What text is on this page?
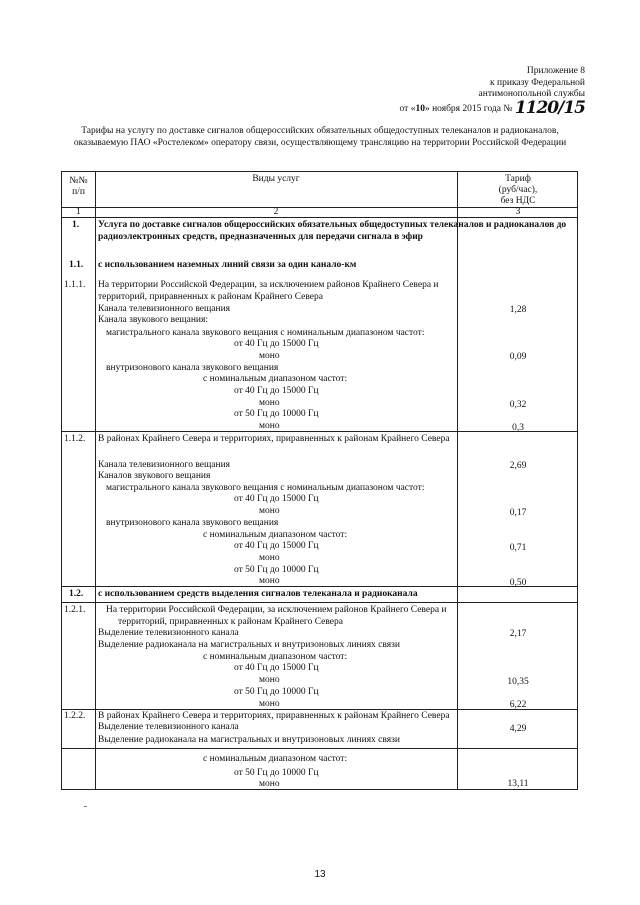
Приложение 8
к приказу Федеральной
антимонопольной службы
от «10» ноября 2015 года № 1120/15
Тарифы на услугу по доставке сигналов общероссийских обязательных общедоступных телеканалов и радиоканалов,
оказываемую ПАО «Ростелеком» оператору связи, осуществляющему трансляцию на территории Российской Федерации
№№
п/п
Виды услуг	Тариф
(руб/час),
без НДС
1	2	3
1. Услуга по доставке сигналов общероссийских обязательных общедоступных телеканалов и радиоканалов до
радиоэлектронных средств, предназначенных для передачи сигнала в эфир
1.1. с использованием наземных линий связи за один канало-км
1.1.1. На территории Российской Федерации, за исключением районов Крайнего Севера и
территорий, приравненных к районам Крайнего Севера
Канала телевизионного вещания	1,28
Канала звукового вещания:
магистрального канала звукового вещания с номинальным диапазоном частот:
от 40 Гц до 15000 Гц
моно	0,09
внутризонового канала звукового вещания
с номинальным диапазоном частот:
от 40 Гц до 15000 Гц
моно	0,32
от 50 Гц до 10000 Гц
моно	0,3
1.1.2. В районах Крайнего Севера и территориях, приравненных к районам Крайнего Севера
Канала телевизионного вещания	2,69
Каналов звукового вещания
магистрального канала звукового вещания с номинальным диапазоном частот:
от 40 Гц до 15000 Гц
моно	0,17
внутризонового канала звукового вещания
с номинальным диапазоном частот:
от 40 Гц до 15000 Гц	0,71
моно
от 50 Гц до 10000 Гц
моно	0,50
1.2. с использованием средств выделения сигналов телеканала и радиоканала
1.2.1. На территории Российской Федерации, за исключением районов Крайнего Севера и
территорий, приравненных к районам Крайнего Севера
Выделение телевизионного канала	2,17
Выделение радиоканала на магистральных и внутризоновых линиях связи
с номинальным диапазоном частот:
от 40 Гц до 15000 Гц
моно	10,35
от 50 Гц до 10000 Гц
моно	6,22
1.2.2. В районах Крайнего Севера и территориях, приравненных к районам Крайнего Севера
Выделение телевизионного канала	4,29
Выделение радиоканала на магистральных и внутризоновых линиях связи
с номинальным диапазоном частот:
от 50 Гц до 10000 Гц
моно	13,11
13
